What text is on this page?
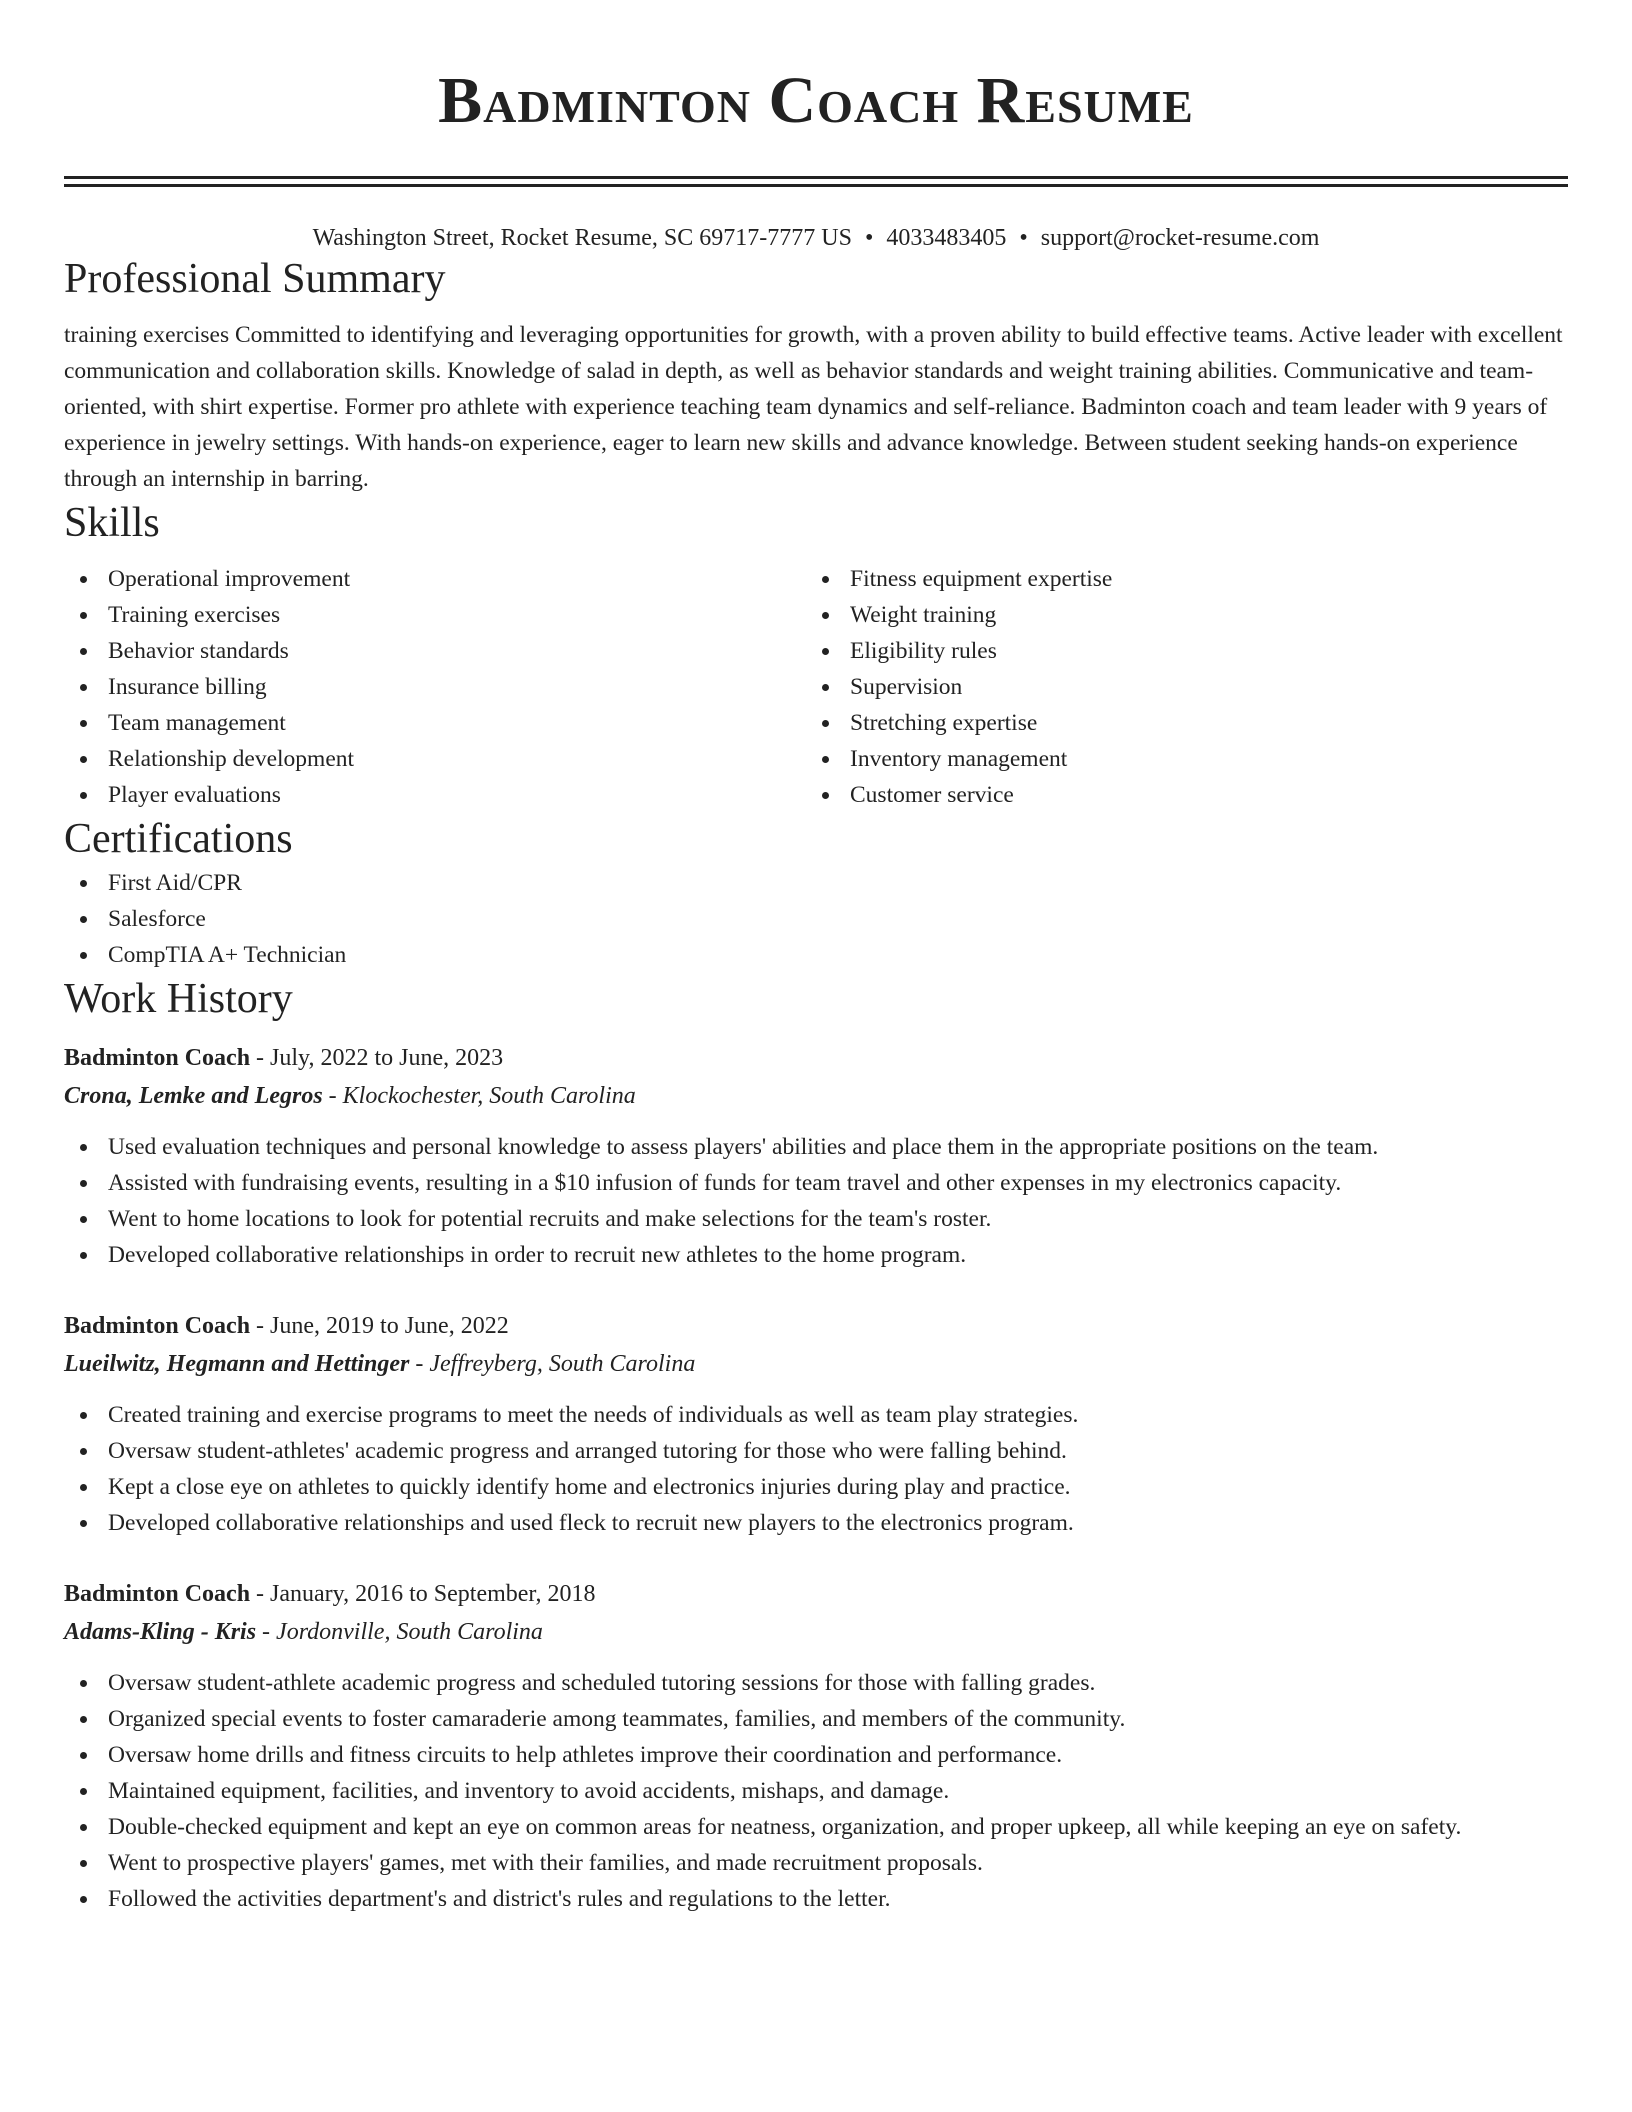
Badminton Coach Resume
Washington Street, Rocket Resume, SC 69717-7777 US • 4033483405 • support@rocket-resume.com
Professional Summary
training exercises Committed to identifying and leveraging opportunities for growth, with a proven ability to build effective teams. Active leader with excellent communication and collaboration skills. Knowledge of salad in depth, as well as behavior standards and weight training abilities. Communicative and team-oriented, with shirt expertise. Former pro athlete with experience teaching team dynamics and self-reliance. Badminton coach and team leader with 9 years of experience in jewelry settings. With hands-on experience, eager to learn new skills and advance knowledge. Between student seeking hands-on experience through an internship in barring.
Skills
Operational improvement
Training exercises
Behavior standards
Insurance billing
Team management
Relationship development
Player evaluations
Fitness equipment expertise
Weight training
Eligibility rules
Supervision
Stretching expertise
Inventory management
Customer service
Certifications
First Aid/CPR
Salesforce
CompTIA A+ Technician
Work History
Badminton Coach - July, 2022 to June, 2023
Crona, Lemke and Legros - Klockochester, South Carolina
Used evaluation techniques and personal knowledge to assess players' abilities and place them in the appropriate positions on the team.
Assisted with fundraising events, resulting in a $10 infusion of funds for team travel and other expenses in my electronics capacity.
Went to home locations to look for potential recruits and make selections for the team's roster.
Developed collaborative relationships in order to recruit new athletes to the home program.
Badminton Coach - June, 2019 to June, 2022
Lueilwitz, Hegmann and Hettinger - Jeffreyberg, South Carolina
Created training and exercise programs to meet the needs of individuals as well as team play strategies.
Oversaw student-athletes' academic progress and arranged tutoring for those who were falling behind.
Kept a close eye on athletes to quickly identify home and electronics injuries during play and practice.
Developed collaborative relationships and used fleck to recruit new players to the electronics program.
Badminton Coach - January, 2016 to September, 2018
Adams-Kling - Kris - Jordonville, South Carolina
Oversaw student-athlete academic progress and scheduled tutoring sessions for those with falling grades.
Organized special events to foster camaraderie among teammates, families, and members of the community.
Oversaw home drills and fitness circuits to help athletes improve their coordination and performance.
Maintained equipment, facilities, and inventory to avoid accidents, mishaps, and damage.
Double-checked equipment and kept an eye on common areas for neatness, organization, and proper upkeep, all while keeping an eye on safety.
Went to prospective players' games, met with their families, and made recruitment proposals.
Followed the activities department's and district's rules and regulations to the letter.
